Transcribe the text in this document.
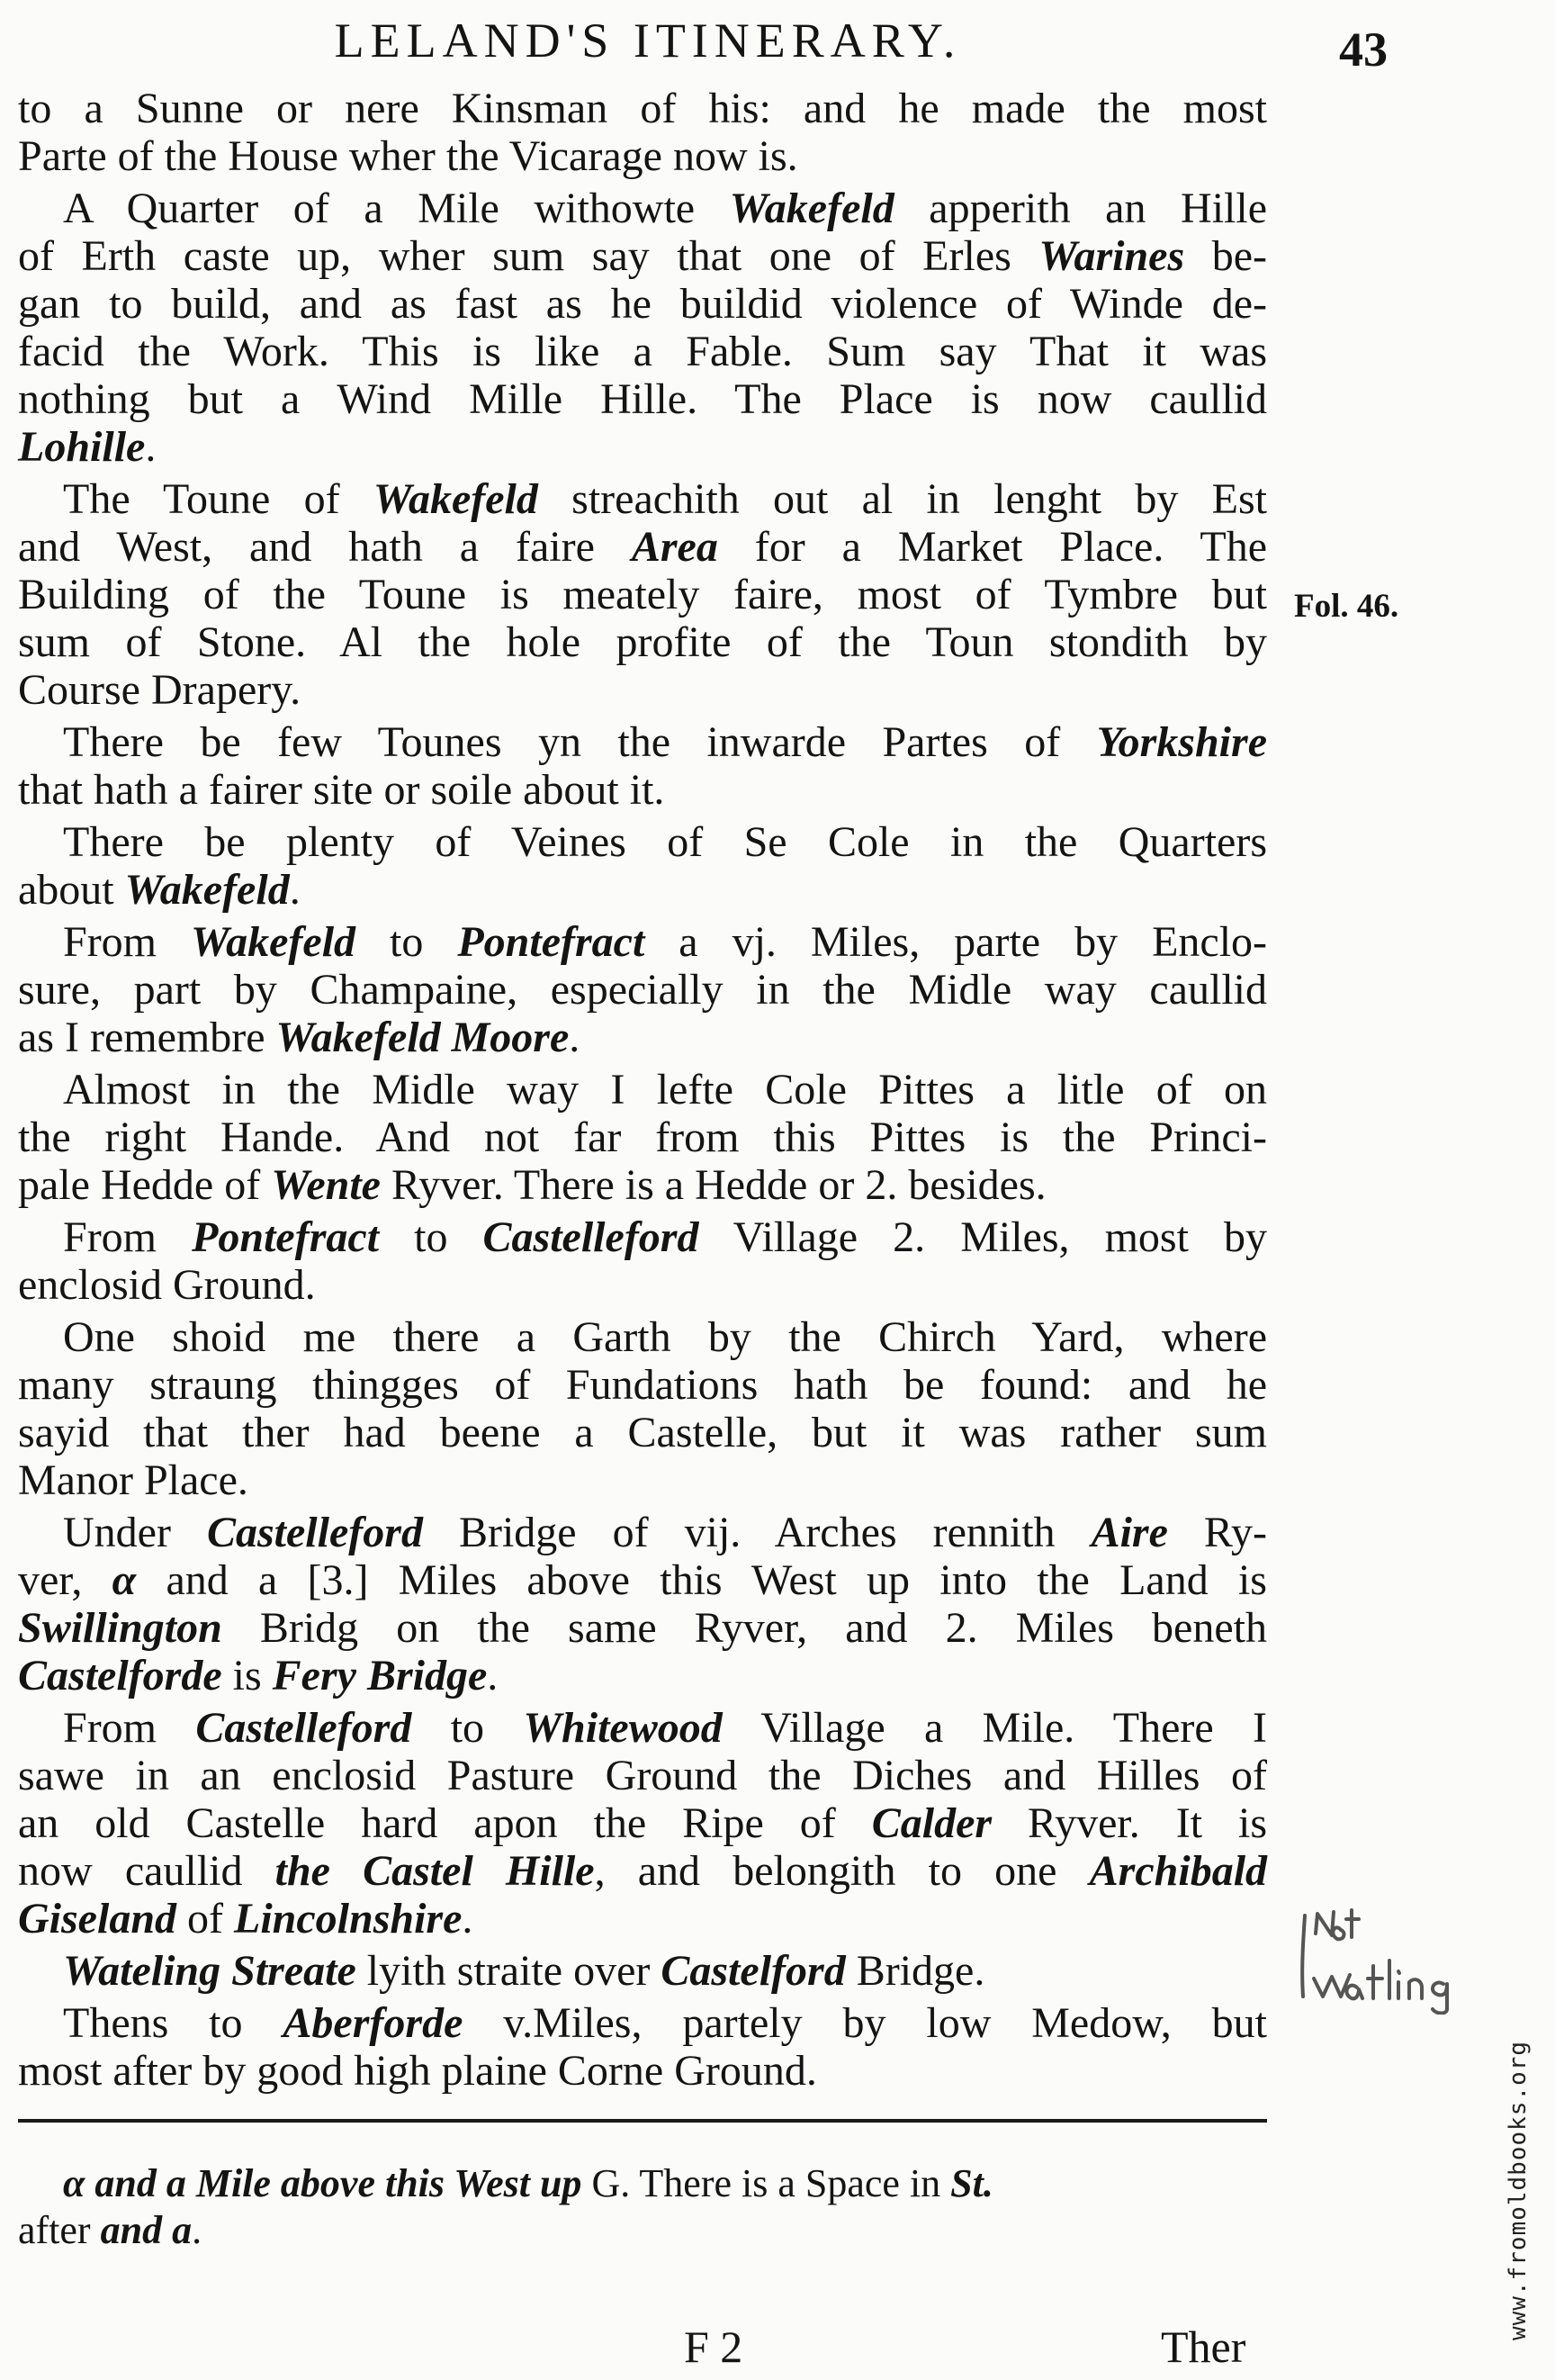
LELAND'S ITINERARY.	43
to a Sunne or nere Kinsman of his: and he made the most
Parte of the House wher the Vicarage now is.
A Quarter of a Mile withowte Wakefeld apperith an Hille
of Erth caste up, wher sum say that one of Erles Warines be-
gan to build, and as fast as he buildid violence of Winde de-
facid the Work. This is like a Fable. Sum say That it was
nothing but a Wind Mille Hille. The Place is now caullid
Lohille.
The Toune of Wakefeld streachith out al in lenght by Est
and West, and hath a faire Area for a Market Place. The
Building of the Toune is meately faire, most of Tymbre but
sum of Stone. Al the hole profite of the Toun stondith by
Course Drapery.
There be few Tounes yn the inwarde Partes of Yorkshire
that hath a fairer site or soile about it.
There be plenty of Veines of Se Cole in the Quarters
about Wakefeld.
From Wakefeld to Pontefract a vj. Miles, parte by Enclo-
sure, part by Champaine, especially in the Midle way caullid
as I remembre Wakefeld Moore.
Almost in the Midle way I lefte Cole Pittes a litle of on
the right Hande. And not far from this Pittes is the Princi-
pale Hedde of Wente Ryver. There is a Hedde or 2. besides.
From Pontefract to Castelleford Village 2. Miles, most by
enclosid Ground.
One shoid me there a Garth by the Chirch Yard, where
many straung thingges of Fundations hath be found: and he
sayid that ther had beene a Castelle, but it was rather sum
Manor Place.
Under Castelleford Bridge of vij. Arches rennith Aire Ry-
ver, α and a [3.] Miles above this West up into the Land is
Swillington Bridg on the same Ryver, and 2. Miles beneth
Castelforde is Fery Bridge.
From Castelleford to Whitewood Village a Mile. There I
sawe in an enclosid Pasture Ground the Diches and Hilles of
an old Castelle hard apon the Ripe of Calder Ryver. It is
now caullid the Castel Hille, and belongith to one Archibald
Giseland of Lincolnshire.
Wateling Streate lyith straite over Castelford Bridge.
Thens to Aberforde v.Miles, partely by low Medow, but
most after by good high plaine Corne Ground.
Fol. 46.
α and a Mile above this West up G. There is a Space in St.
after and a.
F 2	Ther
www.fromoldbooks.org
